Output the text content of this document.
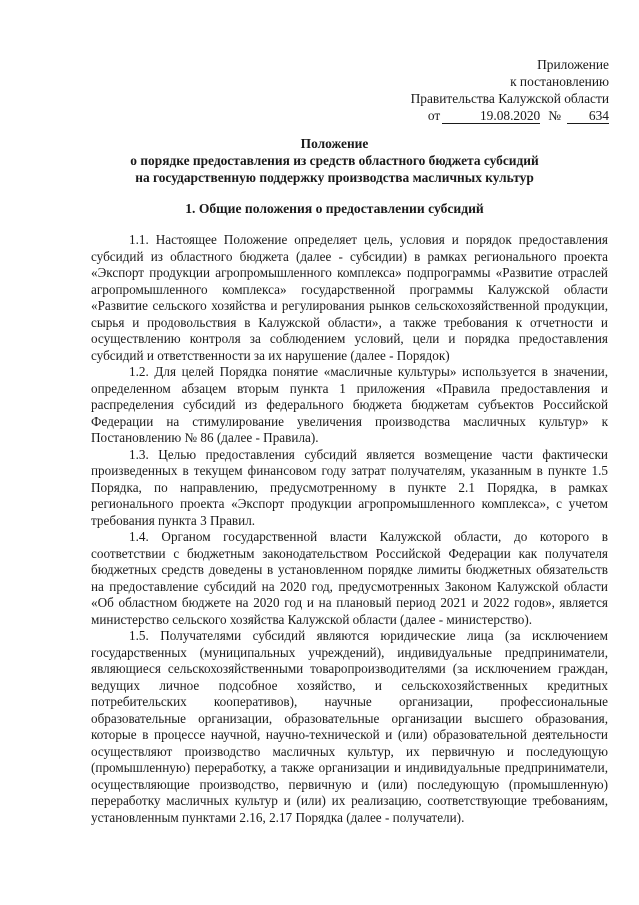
Приложение
к постановлению
Правительства Калужской области
от	19.08.2020 № 634
Положение
о порядке предоставления из средств областного бюджета субсидий
на государственную поддержку производства масличных культур
1. Общие положения о предоставлении субсидий

1.1. Настоящее Положение определяет цель, условия и порядок предоставления субсидий из областного бюджета (далее - субсидии) в рамках регионального проекта «Экспорт продукции агропромышленного комплекса» подпрограммы «Развитие отраслей агропромышленного комплекса» государственной программы Калужской области «Развитие сельского хозяйства и регулирования рынков сельскохозяйственной продукции, сырья и продовольствия в Калужской области», а также требования к отчетности и осуществлению контроля за соблюдением условий, цели и порядка предоставления субсидий и ответственности за их нарушение (далее - Порядок)

1.2. Для целей Порядка понятие «масличные культуры» используется в значении, определенном абзацем вторым пункта 1 приложения «Правила предоставления и распределения субсидий из федерального бюджета бюджетам субъектов Российской Федерации на стимулирование увеличения производства масличных культур» к Постановлению № 86 (далее - Правила).

1.3. Целью предоставления субсидий является возмещение части фактически произведенных в текущем финансовом году затрат получателям, указанным в пункте 1.5 Порядка, по направлению, предусмотренному в пункте 2.1 Порядка, в рамках регионального проекта «Экспорт продукции агропромышленного комплекса», с учетом требования пункта 3 Правил.

1.4. Органом государственной власти Калужской области, до которого в соответствии с бюджетным законодательством Российской Федерации как получателя бюджетных средств доведены в установленном порядке лимиты бюджетных обязательств на предоставление субсидий на 2020 год, предусмотренных Законом Калужской области «Об областном бюджете на 2020 год и на плановый период 2021 и 2022 годов», является министерство сельского хозяйства Калужской области (далее - министерство).

1.5. Получателями субсидий являются юридические лица (за исключением государственных (муниципальных учреждений), индивидуальные предприниматели, являющиеся сельскохозяйственными товаропроизводителями (за исключением граждан, ведущих личное подсобное хозяйство, и сельскохозяйственных кредитных потребительских кооперативов), научные организации, профессиональные образовательные организации, образовательные организации высшего образования, которые в процессе научной, научно-технической и (или) образовательной деятельности осуществляют производство масличных культур, их первичную и последующую (промышленную) переработку, а также организации и индивидуальные предприниматели, осуществляющие производство, первичную и (или) последующую (промышленную) переработку масличных культур и (или) их реализацию, соответствующие требованиям, установленным пунктами 2.16, 2.17 Порядка (далее - получатели).
